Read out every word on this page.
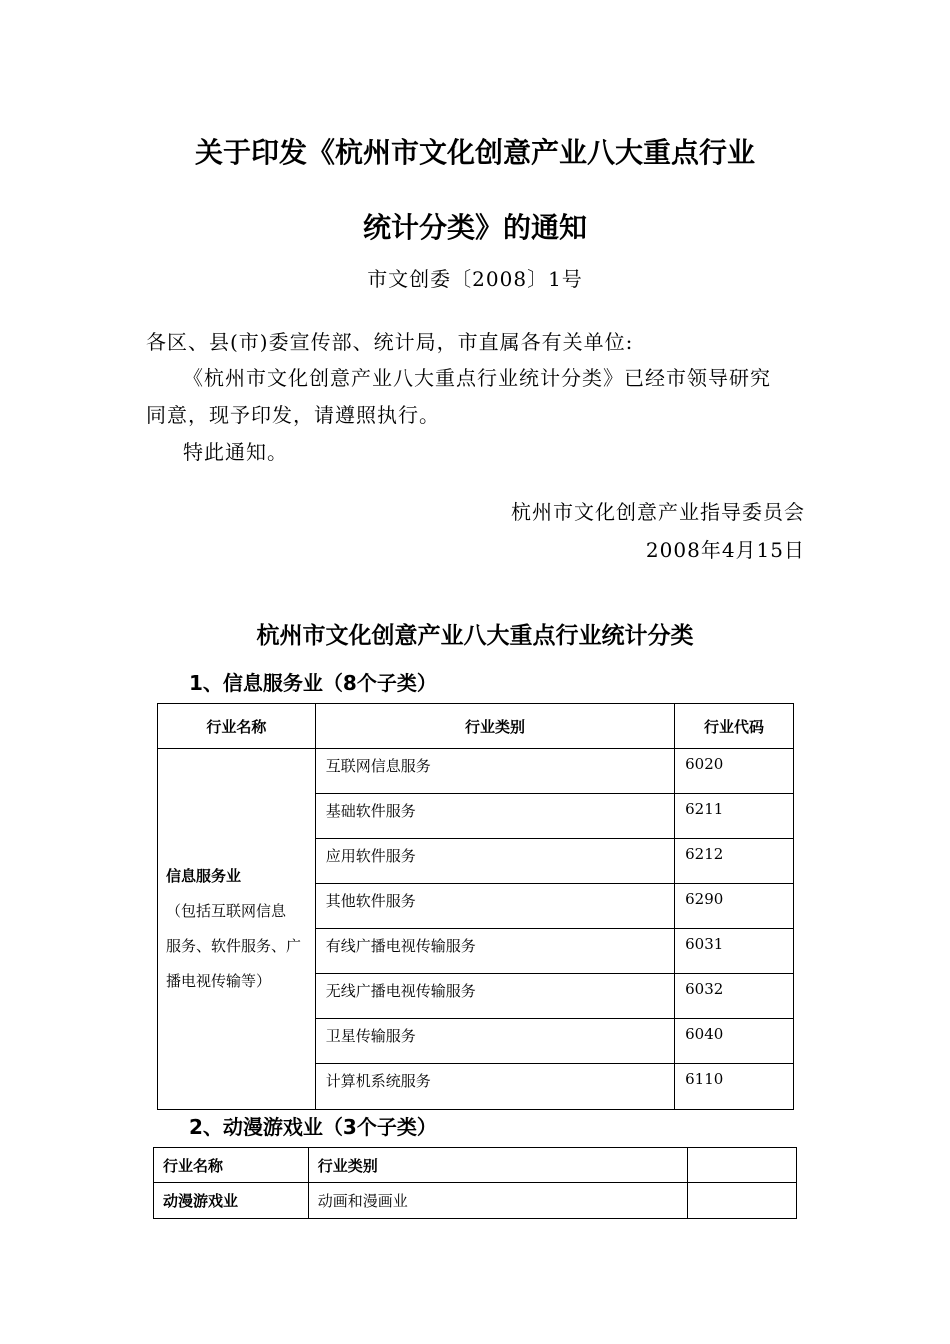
关于印发《杭州市文化创意产业八大重点行业
统计分类》的通知
市文创委〔2008〕1号
各区、县(市)委宣传部、统计局，市直属各有关单位:
《杭州市文化创意产业八大重点行业统计分类》已经市领导研究
同意，现予印发，请遵照执行。
特此通知。
杭州市文化创意产业指导委员会
2008年4月15日
杭州市文化创意产业八大重点行业统计分类
1、信息服务业（8个子类）
行业名称	行业类别	行业代码

信息服务业
（包括互联网信息
服务、软件服务、广
播电视传输等）	互联网信息服务	6020
	基础软件服务	6211
	应用软件服务	6212
	其他软件服务	6290
	有线广播电视传输服务	6031
	无线广播电视传输服务	6032
	卫星传输服务	6040
	计算机系统服务	6110
2、动漫游戏业（3个子类）
行业名称	行业类别	
动漫游戏业	动画和漫画业	
